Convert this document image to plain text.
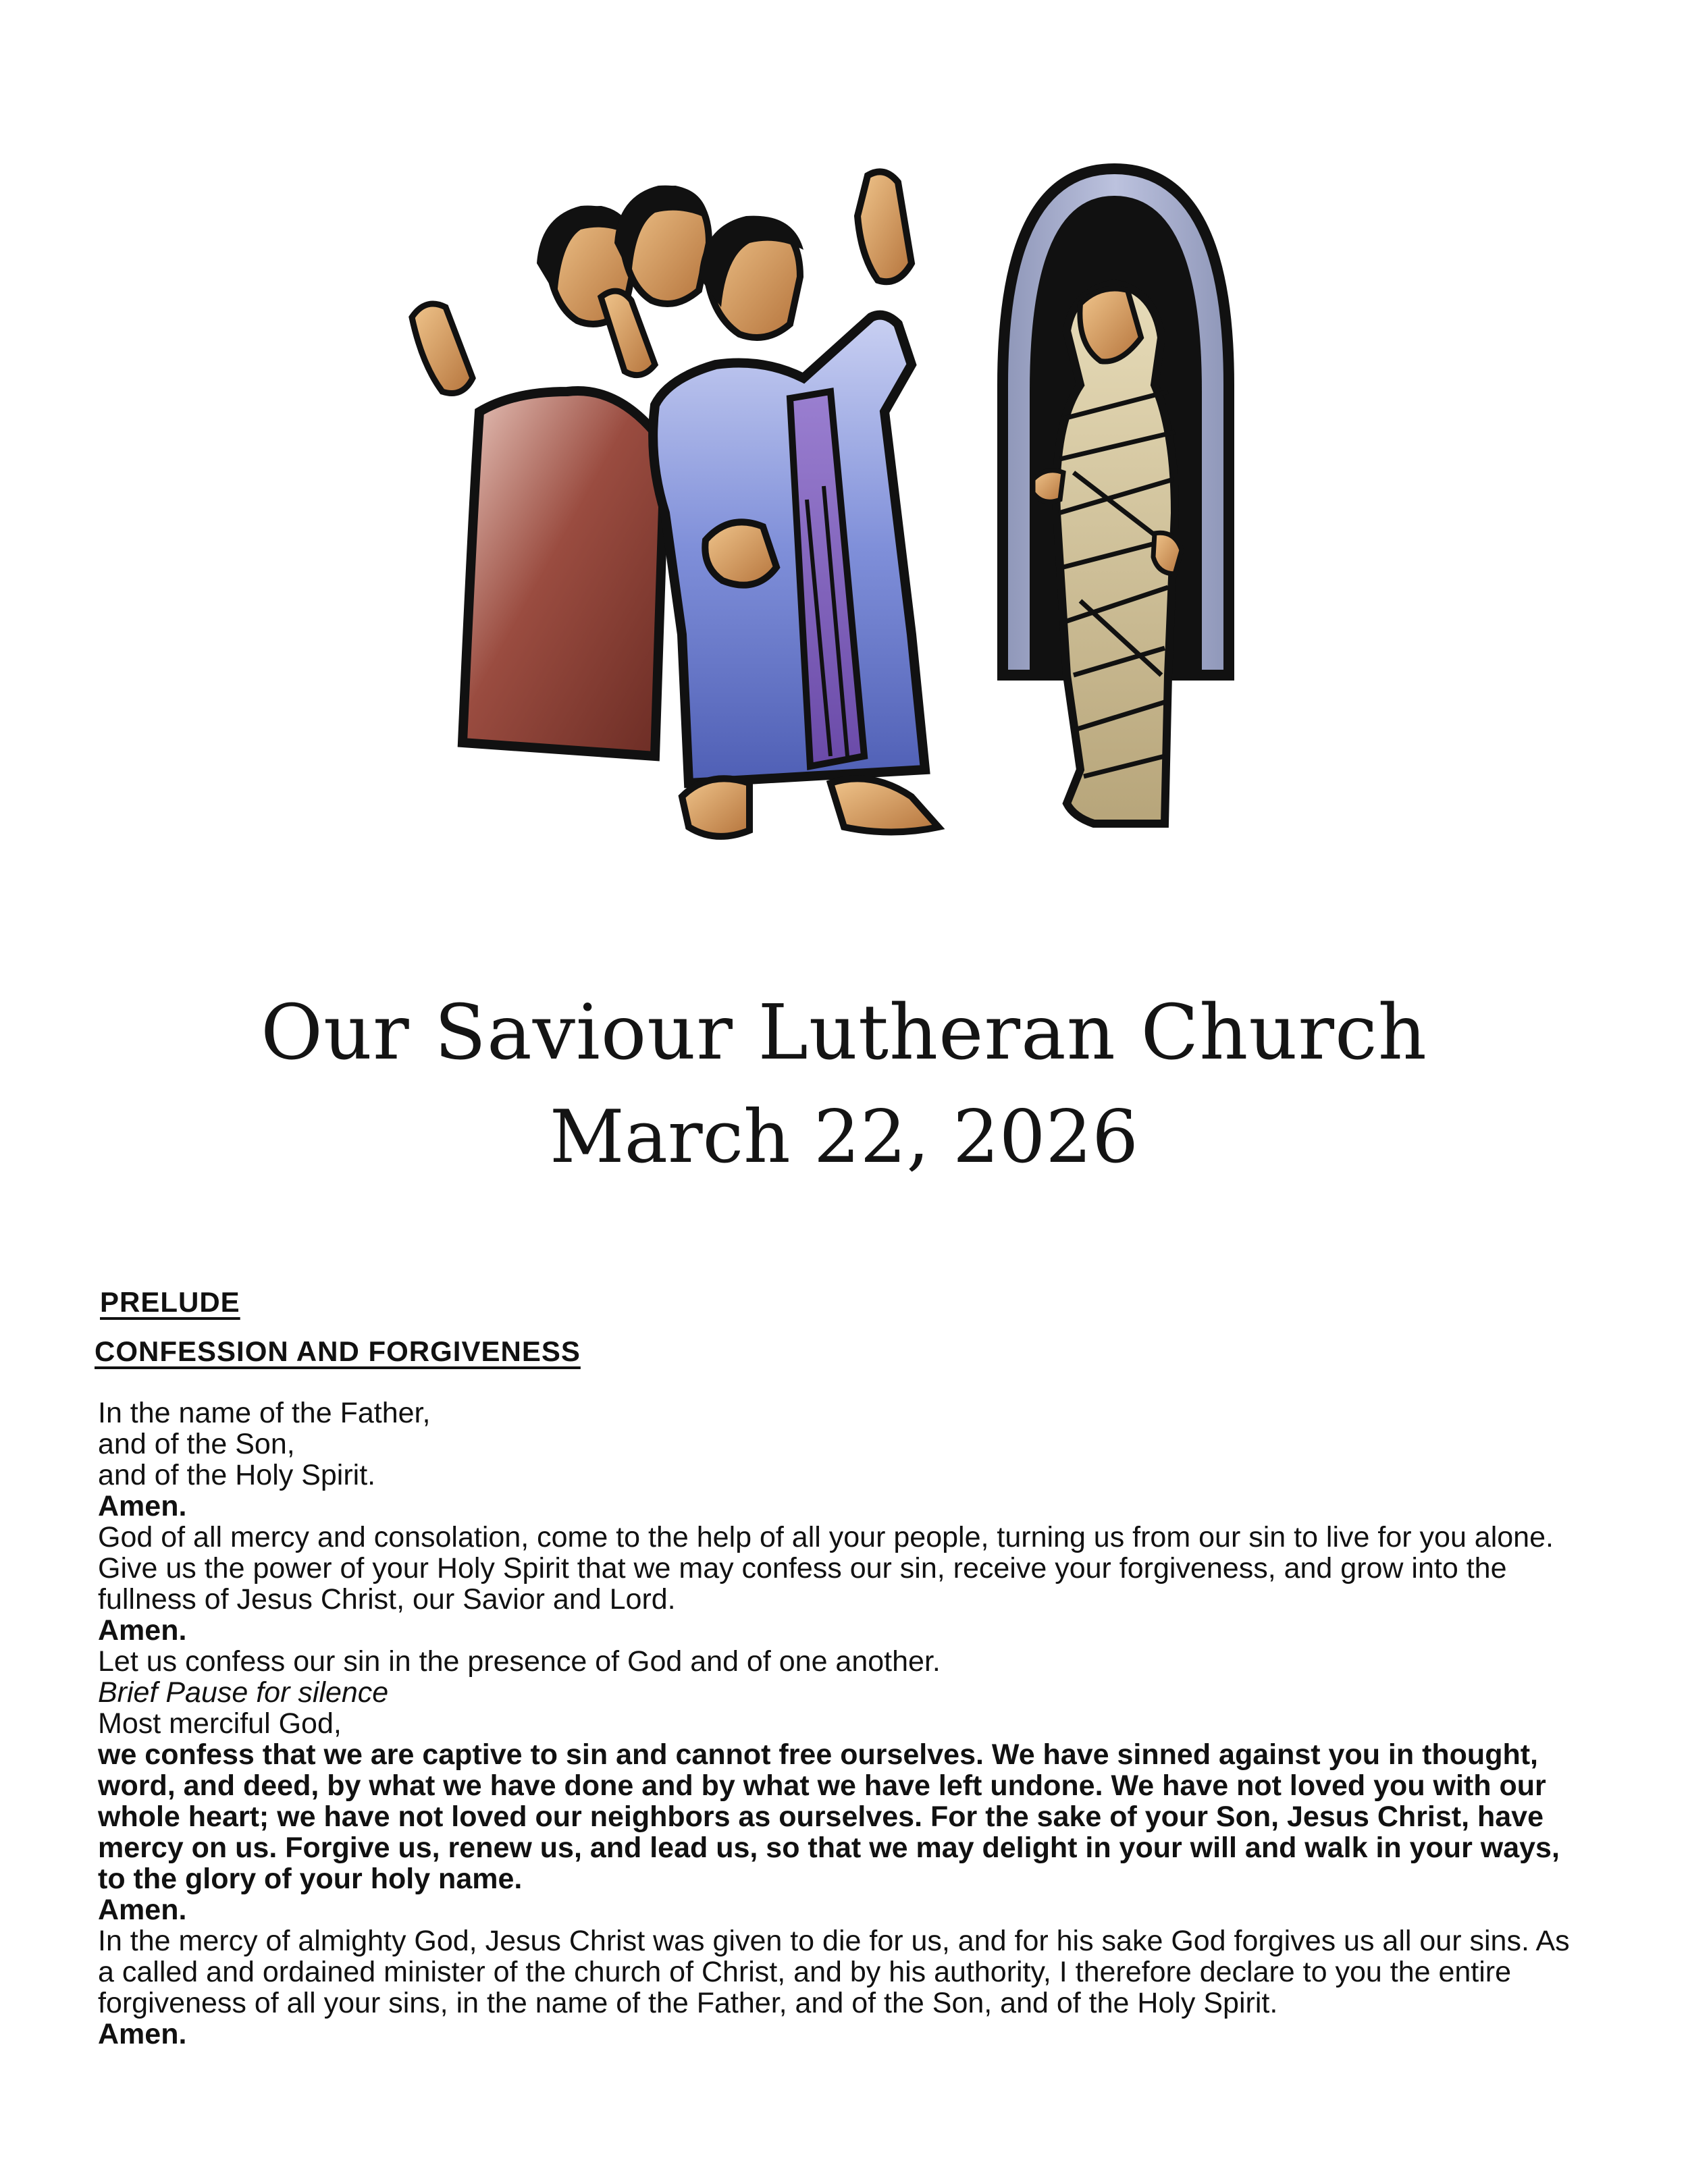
Our Saviour Lutheran Church
March 22, 2026
PRELUDE
CONFESSION AND FORGIVENESS

In the name of the Father,

and of the Son,

and of the Holy Spirit.

Amen.

God of all mercy and consolation, come to the help of all your people, turning us from our sin to live for you alone. Give us the power of your Holy Spirit that we may confess our sin, receive your forgiveness, and grow into the fullness of Jesus Christ, our Savior and Lord.

Amen.

Let us confess our sin in the presence of God and of one another.

Brief Pause for silence

Most merciful God,

we confess that we are captive to sin and cannot free ourselves. We have sinned against you in thought, word, and deed, by what we have done and by what we have left undone. We have not loved you with our whole heart; we have not loved our neighbors as ourselves. For the sake of your Son, Jesus Christ, have mercy on us. Forgive us, renew us, and lead us, so that we may delight in your will and walk in your ways, to the glory of your holy name.

Amen.

In the mercy of almighty God, Jesus Christ was given to die for us, and for his sake God forgives us all our sins. As a called and ordained minister of the church of Christ, and by his authority, I therefore declare to you the entire forgiveness of all your sins, in the name of the Father, and of the Son, and of the Holy Spirit.

Amen.
